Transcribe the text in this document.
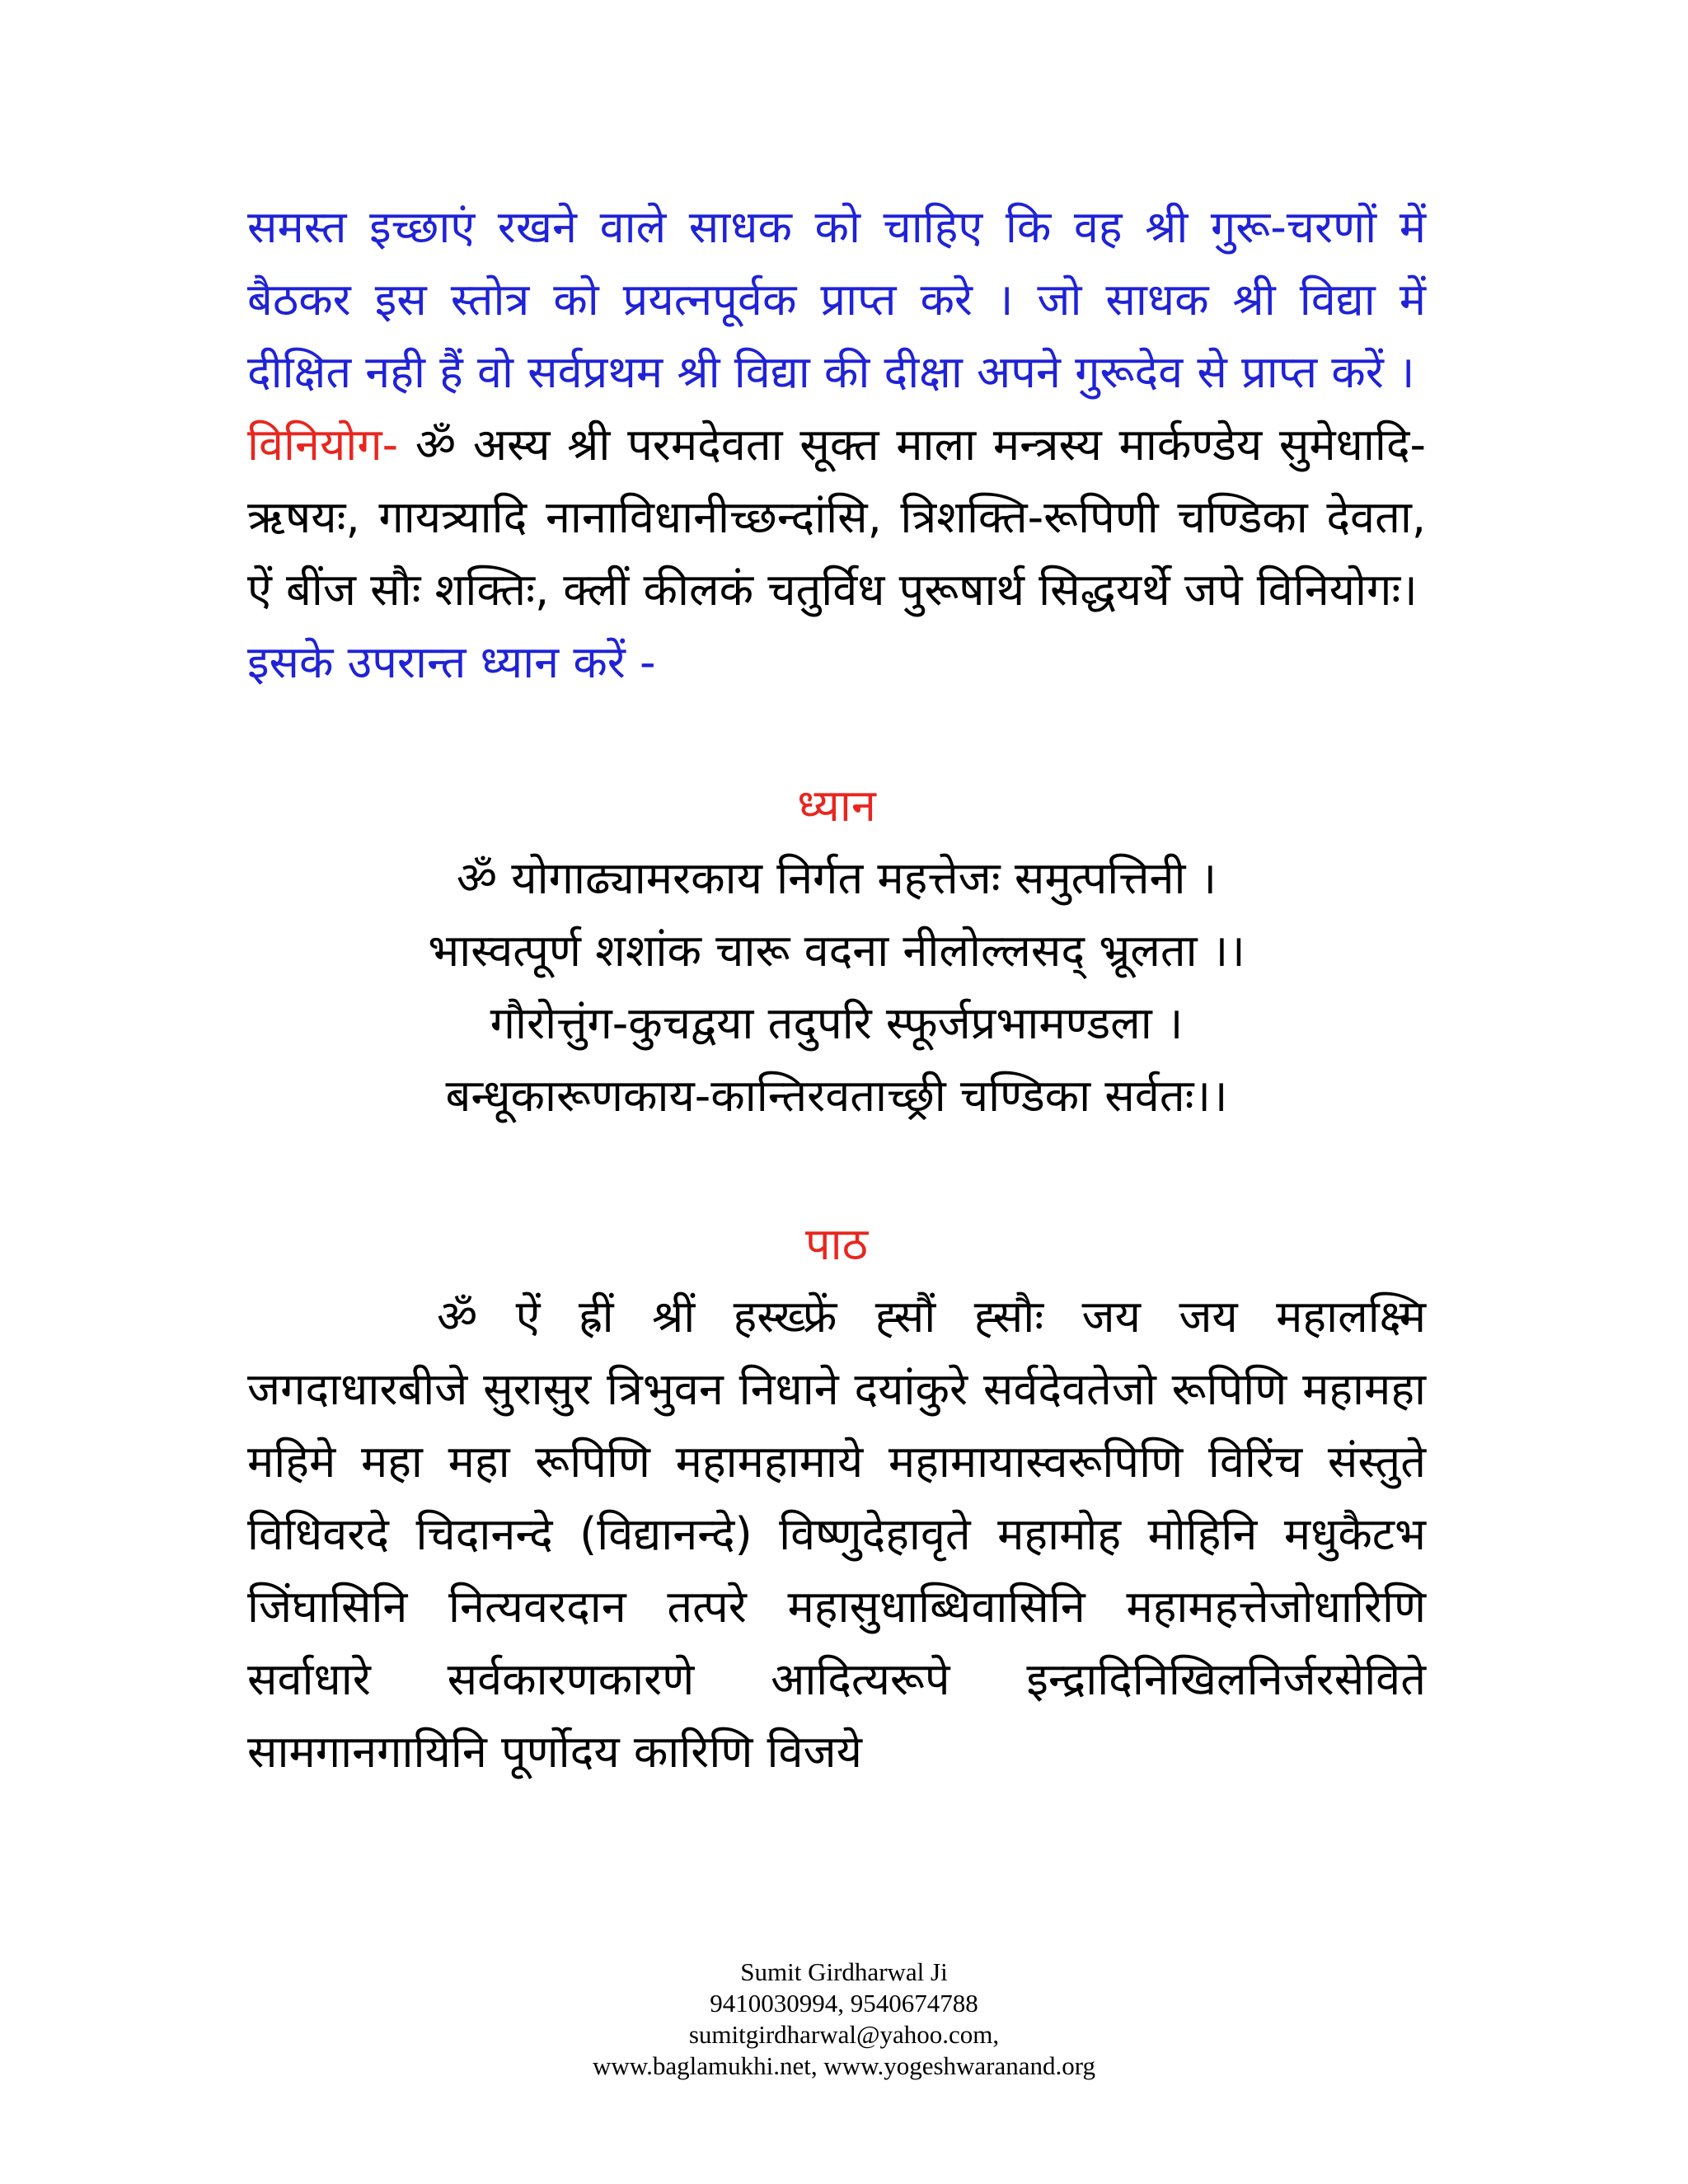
समस्त इच्छाएं रखने वाले साधक को चाहिए कि वह श्री गुरू-चरणों में बैठकर इस स्तोत्र को प्रयत्नपूर्वक प्राप्त करे । जो साधक श्री विद्या में दीक्षित नही हैं वो सर्वप्रथम श्री विद्या की दीक्षा अपने गुरूदेव से प्राप्त करें ।

विनियोग- ॐ अस्य श्री परमदेवता सूक्त माला मन्त्रस्य मार्कण्डेय सुमेधादि- ऋषयः, गायत्र्यादि नानाविधानीच्छन्दांसि, त्रिशक्ति-रूपिणी चण्डिका देवता, ऐं बींज सौः शक्तिः, क्लीं कीलकं चतुर्विध पुरूषार्थ सिद्धयर्थे जपे विनियोगः।

इसके उपरान्त ध्यान करें -

ध्यान

ॐ योगाढ्यामरकाय निर्गत महत्तेजः समुत्पत्तिनी ।

भास्वत्पूर्ण शशांक चारू वदना नीलोल्लसद् भ्रूलता ।।

गौरोत्तुंग-कुचद्वया तदुपरि स्फूर्जप्रभामण्डला ।

बन्धूकारूणकाय-कान्तिरवताच्छ्री चण्डिका सर्वतः।।

पाठ

ॐ ऐं ह्रीं श्रीं हस्ख्फ्रें ह्सौं ह्सौः जय जय महालक्ष्मि जगदाधारबीजे सुरासुर त्रिभुवन निधाने दयांकुरे सर्वदेवतेजो रूपिणि महामहा महिमे महा महा रूपिणि महामहामाये महामायास्वरूपिणि विरिंच संस्तुते विधिवरदे चिदानन्दे (विद्यानन्दे) विष्णुदेहावृते महामोह मोहिनि मधुकैटभ जिंघासिनि नित्यवरदान तत्परे महासुधाब्धिवासिनि महामहत्तेजोधारिणि सर्वाधारे सर्वकारणकारणे आदित्यरूपे इन्द्रादिनिखिलनिर्जरसेविते सामगानगायिनि पूर्णोदय कारिणि विजये

Sumit Girdharwal Ji
9410030994, 9540674788
sumitgirdharwal@yahoo.com,
www.baglamukhi.net, www.yogeshwaranand.org
